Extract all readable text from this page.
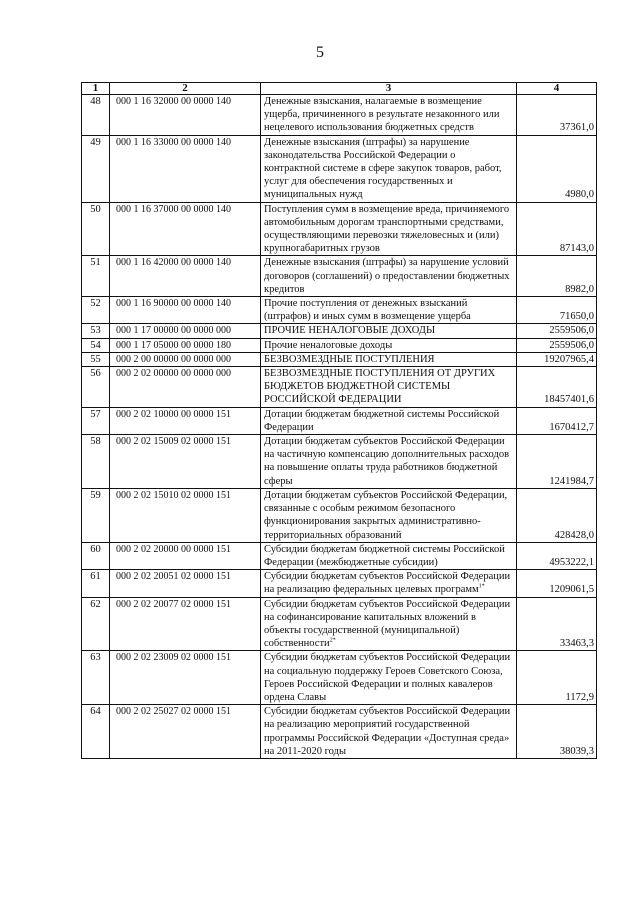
5
1	2	3	4
48	000 1 16 32000 00 0000 140	Денежные взыскания, налагаемые в возмещение ущерба, причиненного в результате незаконного или нецелевого использования бюджетных средств	37361,0
49	000 1 16 33000 00 0000 140	Денежные взыскания (штрафы) за нарушение законодательства Российской Федерации о контрактной системе в сфере закупок товаров, работ, услуг для обеспечения государственных и муниципальных нужд	4980,0
50	000 1 16 37000 00 0000 140	Поступления сумм в возмещение вреда, причиняемого автомобильным дорогам транспортными средствами, осуществляющими перевозки тяжеловесных и (или) крупногабаритных грузов	87143,0
51	000 1 16 42000 00 0000 140	Денежные взыскания (штрафы) за нарушение условий договоров (соглашений) о предоставлении бюджетных кредитов	8982,0
52	000 1 16 90000 00 0000 140	Прочие поступления от денежных взысканий (штрафов) и иных сумм в возмещение ущерба	71650,0
53	000 1 17 00000 00 0000 000	ПРОЧИЕ НЕНАЛОГОВЫЕ ДОХОДЫ	2559506,0
54	000 1 17 05000 00 0000 180	Прочие неналоговые доходы	2559506,0
55	000 2 00 00000 00 0000 000	БЕЗВОЗМЕЗДНЫЕ ПОСТУПЛЕНИЯ	19207965,4
56	000 2 02 00000 00 0000 000	БЕЗВОЗМЕЗДНЫЕ ПОСТУПЛЕНИЯ ОТ ДРУГИХ БЮДЖЕТОВ БЮДЖЕТНОЙ СИСТЕМЫ РОССИЙСКОЙ ФЕДЕРАЦИИ	18457401,6
57	000 2 02 10000 00 0000 151	Дотации бюджетам бюджетной системы Российской Федерации	1670412,7
58	000 2 02 15009 02 0000 151	Дотации бюджетам субъектов Российской Федерации на частичную компенсацию дополнительных расходов на повышение оплаты труда работников бюджетной сферы	1241984,7
59	000 2 02 15010 02 0000 151	Дотации бюджетам субъектов Российской Федерации, связанные с особым режимом безопасного функционирования закрытых административно-территориальных образований	428428,0
60	000 2 02 20000 00 0000 151	Субсидии бюджетам бюджетной системы Российской Федерации (межбюджетные субсидии)	4953222,1
61	000 2 02 20051 02 0000 151	Субсидии бюджетам субъектов Российской Федерации на реализацию федеральных целевых программ$^{1*}$	1209061,5
62	000 2 02 20077 02 0000 151	Субсидии бюджетам субъектов Российской Федерации на софинансирование капитальных вложений в объекты государственной (муниципальной) собственности$^{2*}$	33463,3
63	000 2 02 23009 02 0000 151	Субсидии бюджетам субъектов Российской Федерации на социальную поддержку Героев Советского Союза, Героев Российской Федерации и полных кавалеров ордена Славы	1172,9
64	000 2 02 25027 02 0000 151	Субсидии бюджетам субъектов Российской Федерации на реализацию мероприятий государственной программы Российской Федерации «Доступная среда» на 2011-2020 годы	38039,3
